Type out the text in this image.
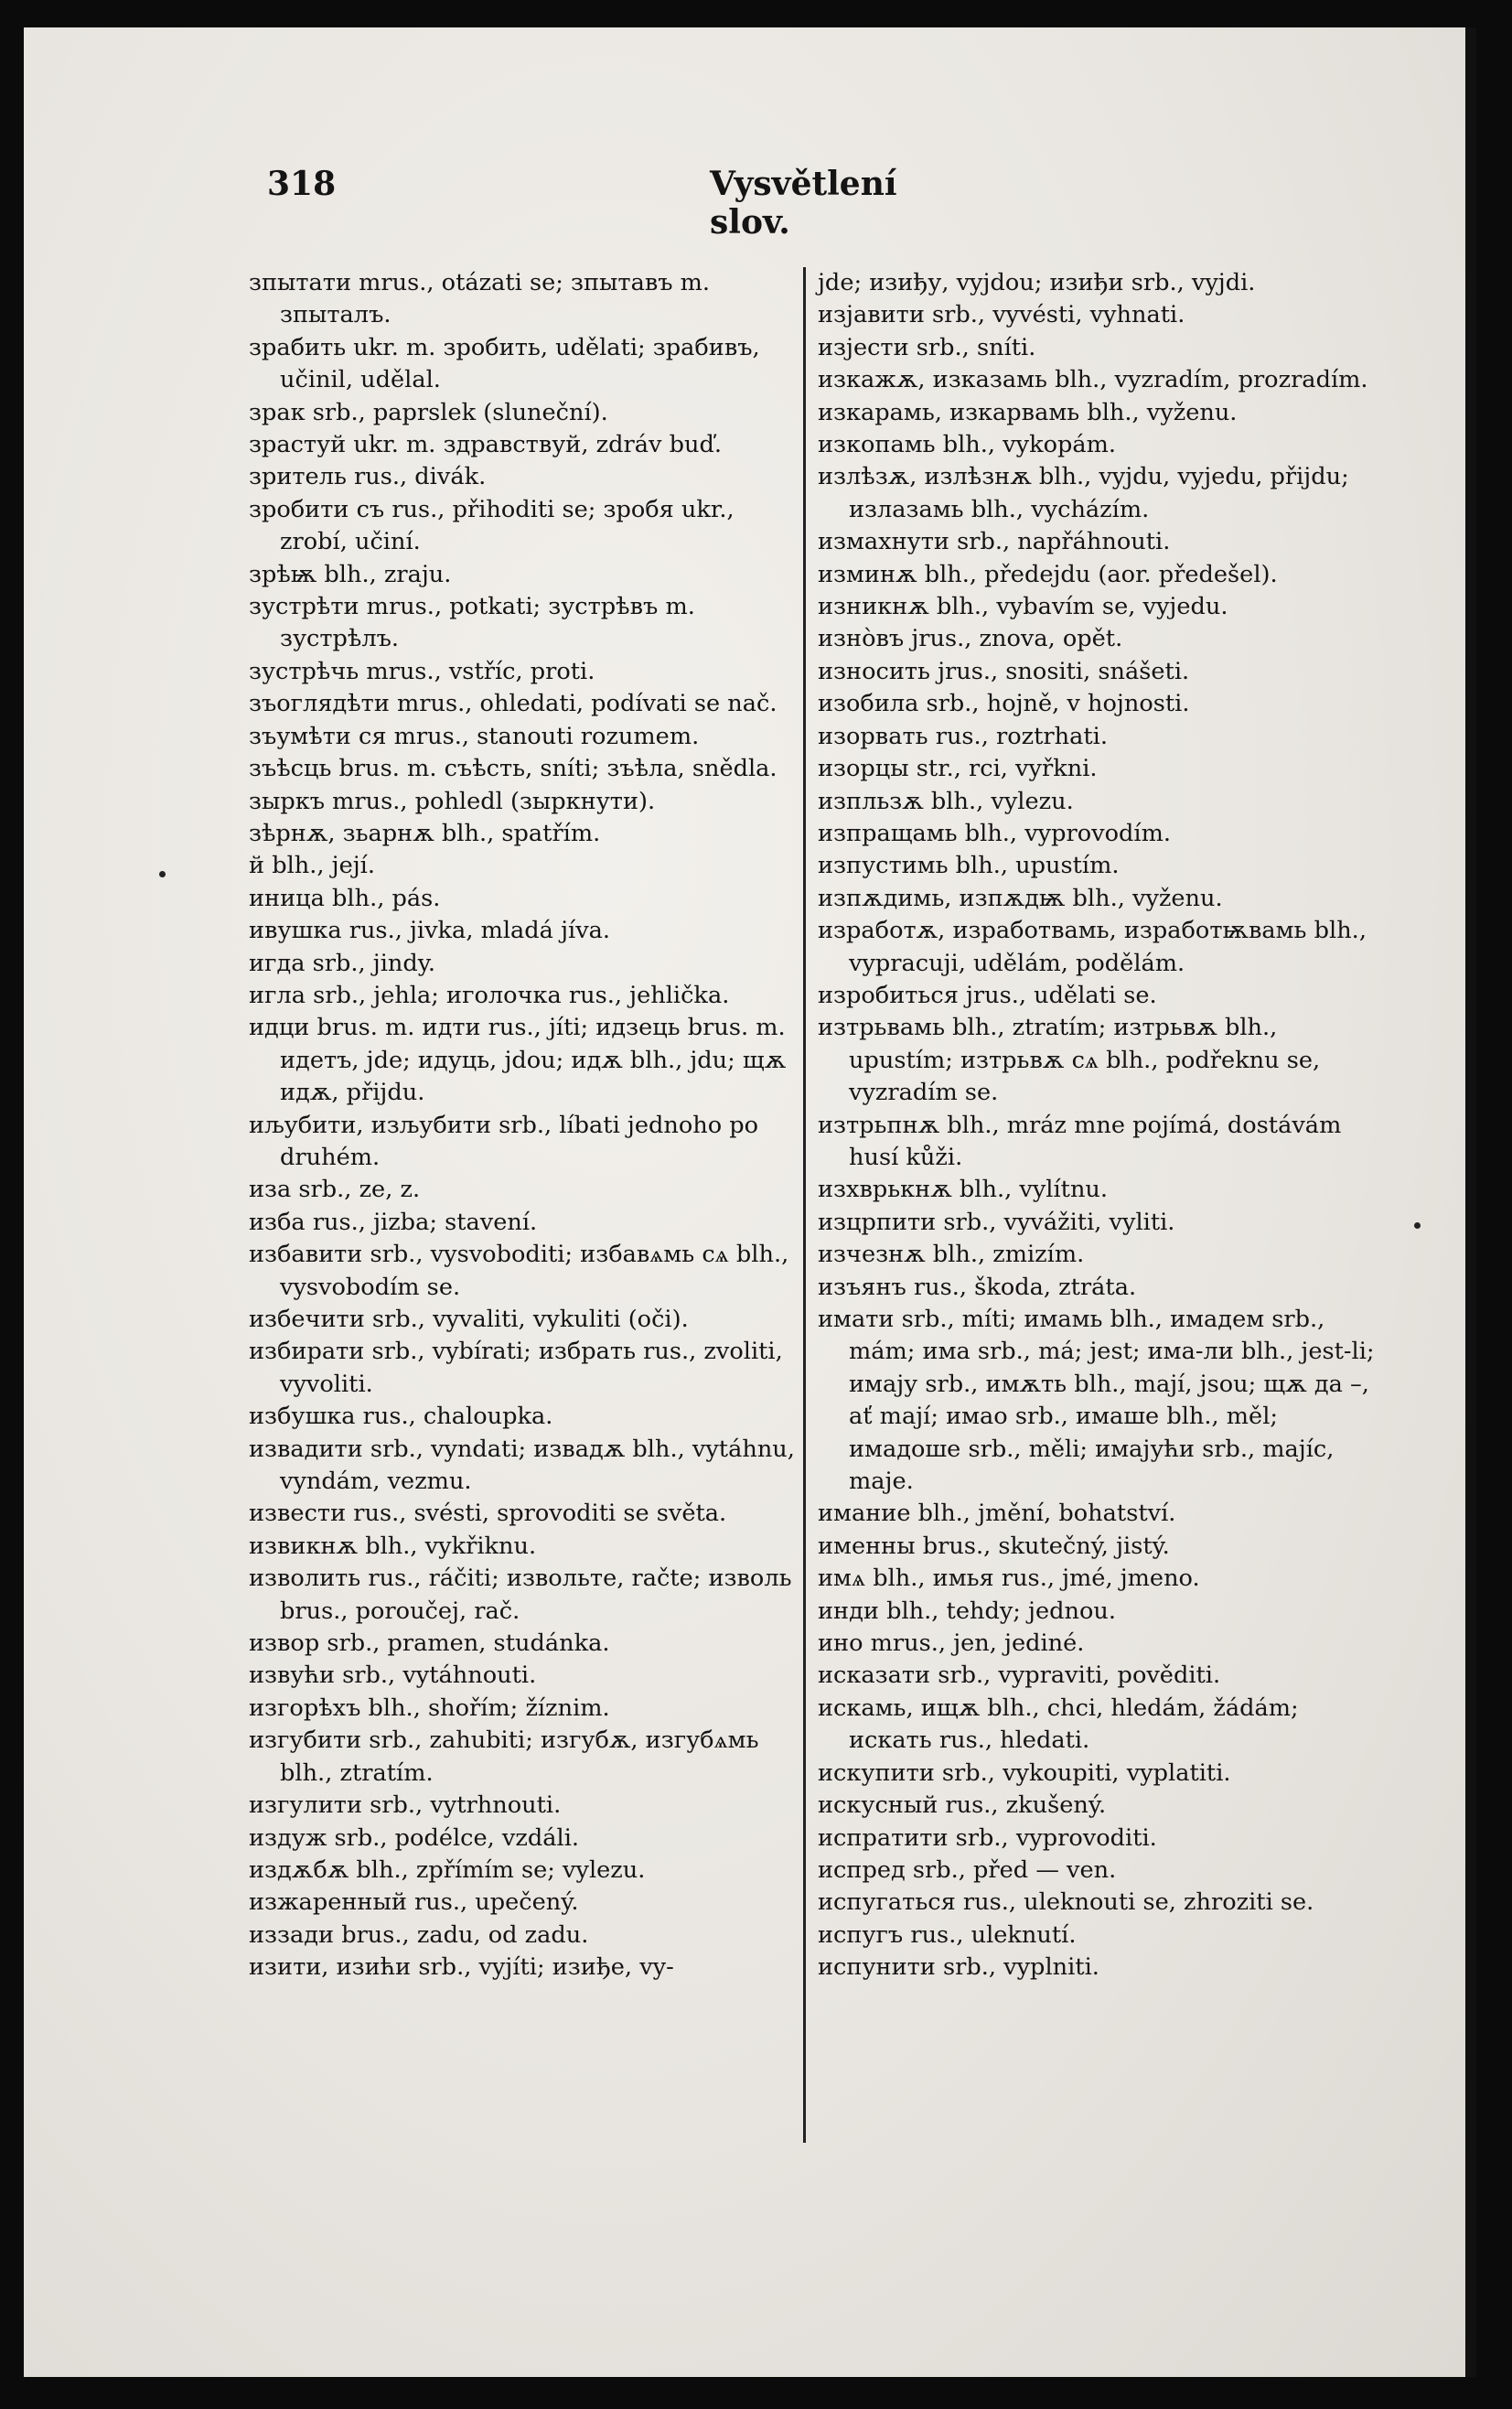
318	Vysvětlení slov.

зпытати mrus., otázati se; зпытавъ m. зпыталъ.

зрабить ukr. m. зробить, udělati; зрабивъ, učinil, udělal.

зрак srb., paprslek (sluneční).

зрастуй ukr. m. здравствуй, zdráv buď.

зритель rus., divák.

зробити съ rus., přihoditi se; зробя ukr., zrobí, učiní.

зрѣѭ blh., zraju.

зустрѣти mrus., potkati; зустрѣвъ m. зустрѣлъ.

зустрѣчь mrus., vstříc, proti.

зъоглядѣти mrus., ohledati, podívati se nač.

зъумѣти ся mrus., stanouti rozumem.

зъѣсць brus. m. съѣсть, sníti; зъѣла, snědla.

зыркъ mrus., pohledl (зыркнути).

зѣрнѫ, зьарнѫ blh., spatřím.

й blh., její.

иница blh., pás.

ивушка rus., jivka, mladá jíva.

игда srb., jindy.

игла srb., jehla; иголочка rus., jehlička.

идци brus. m. идти rus., jíti; идзець brus. m. идетъ, jde; идуць, jdou; идѫ blh., jdu; щѫ идѫ, přijdu.

иљубити, изљубити srb., líbati jednoho po druhém.

иза srb., ze, z.

изба rus., jizba; stavení.

избавити srb., vysvoboditi; избавѧмь сѧ blh., vysvobodím se.

избечити srb., vyvaliti, vykuliti (oči).

избирати srb., vybírati; избрать rus., zvoliti, vyvoliti.

избушка rus., chaloupka.

извадити srb., vyndati; извадѫ blh., vytáhnu, vyndám, vezmu.

извести rus., svésti, sprovoditi se světa.

извикнѫ blh., vykřiknu.

изволить rus., ráčiti; извольте, račte; изволь brus., poroučej, rač.

извор srb., pramen, studánka.

извући srb., vytáhnouti.

изгорѣхъ blh., shořím; žíznim.

изгубити srb., zahubiti; изгубѫ, изгубѧмь blh., ztratím.

изгулити srb., vytrhnouti.

издуж srb., podélce, vzdáli.

издѫбѫ blh., zpřímím se; vylezu.

изжаренный rus., upečený.

иззади brus., zadu, od zadu.

изити, изићи srb., vyjíti; изиђе, vy-

jde; изиђу, vyjdou; изиђи srb., vyjdi.

изјавити srb., vyvésti, vyhnati.

изјести srb., sníti.

изкажѫ, изказамь blh., vyzradím, prozradím.

изкарамь, изкарвамь blh., vyženu.

изкопамь blh., vykopám.

излѣзѫ, излѣзнѫ blh., vyjdu, vyjedu, přijdu; излазамь blh., vycházím.

измахнути srb., napřáhnouti.

изминѫ blh., předejdu (aor. předešel).

изникнѫ blh., vybavím se, vyjedu.

изнòвъ jrus., znova, opět.

износить jrus., snositi, snášeti.

изобила srb., hojně, v hojnosti.

изорвать rus., roztrhati.

изорцы str., rci, vyřkni.

изпльзѫ blh., vylezu.

изпращамь blh., vyprovodím.

изпустимь blh., upustím.

изпѫдимь, изпѫдѭ blh., vyženu.

изработѫ, изработвамь, изработѭвамь blh., vypracuji, udělám, podělám.

изробиться jrus., udělati se.

изтрьвамь blh., ztratím; изтрьвѫ blh., upustím; изтрьвѫ сѧ blh., podřeknu se, vyzradím se.

изтрьпнѫ blh., mráz mne pojímá, dostávám husí kůži.

изхврькнѫ blh., vylítnu.

изцрпити srb., vyvážiti, vyliti.

изчезнѫ blh., zmizím.

изъянъ rus., škoda, ztráta.

имати srb., míti; имамь blh., имадем srb., mám; има srb., má; jest; има-ли blh., jest-li; имају srb., имѫть blh., mají, jsou; щѫ да –, ať mají; имао srb., имаше blh., měl; имадоше srb., měli; имајући srb., majíc, maje.

имание blh., jmění, bohatství.

именны brus., skutečný, jistý.

имѧ blh., имья rus., jmé, jmeno.

инди blh., tehdy; jednou.

ино mrus., jen, jediné.

исказати srb., vypraviti, pověditi.

искамь, ищѫ blh., chci, hledám, žádám; искать rus., hledati.

искупити srb., vykoupiti, vyplatiti.

искусный rus., zkušený.

испратити srb., vyprovoditi.

испред srb., před — ven.

испугаться rus., uleknouti se, zhroziti se.

испугъ rus., uleknutí.

испунити srb., vyplniti.
